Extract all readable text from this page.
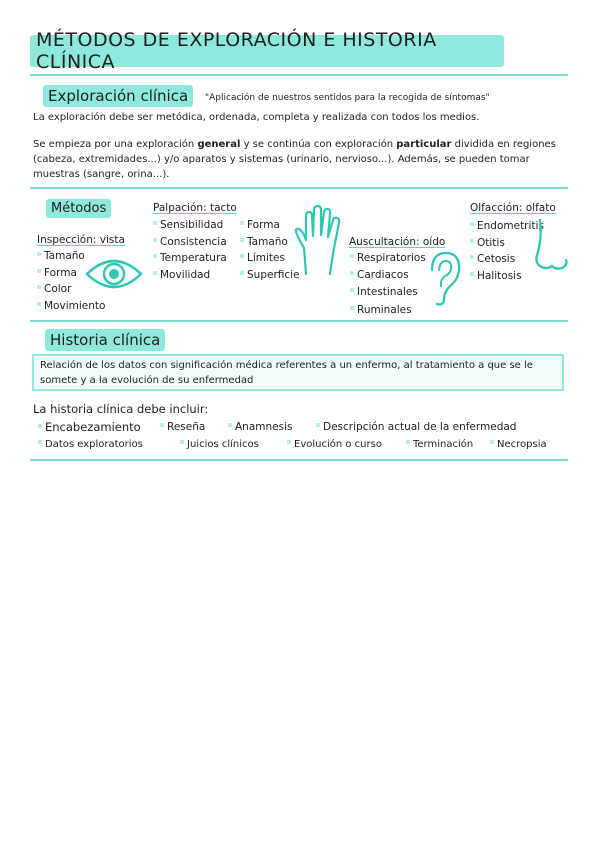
MÉTODOS DE EXPLORACIÓN E HISTORIA CLÍNICA
Exploración clínica	"Aplicación de nuestros sentidos para la recogida de síntomas"
La exploración debe ser metódica, ordenada, completa y realizada con todos los medios.
Se empieza por una exploración general y se continúa con exploración particular dividida en regiones (cabeza, extremidades...) y/o aparatos y sistemas (urinario, nervioso...). Además, se pueden tomar muestras (sangre, orina...).
Métodos
Inspección: vista
Tamaño
Forma
Color
Movimiento
Palpación: tacto
Sensibilidad
Consistencia
Temperatura
Movilidad
Forma
Tamaño
Límites
Superficie
Auscultación: oído
Respiratorios
Cardiacos
Intestinales
Ruminales
Olfacción: olfato
Endometritis
Otitis
Cetosis
Halitosis
Historia clínica
Relación de los datos con significación médica referentes a un enfermo, al tratamiento a que se le somete y a la evolución de su enfermedad
La historia clínica debe incluir:
Encabezamiento	Reseña	Anamnesis	Descripción actual de la enfermedad
Datos exploratorios	Juicios clínicos	Evolución o curso	Terminación	Necropsia
